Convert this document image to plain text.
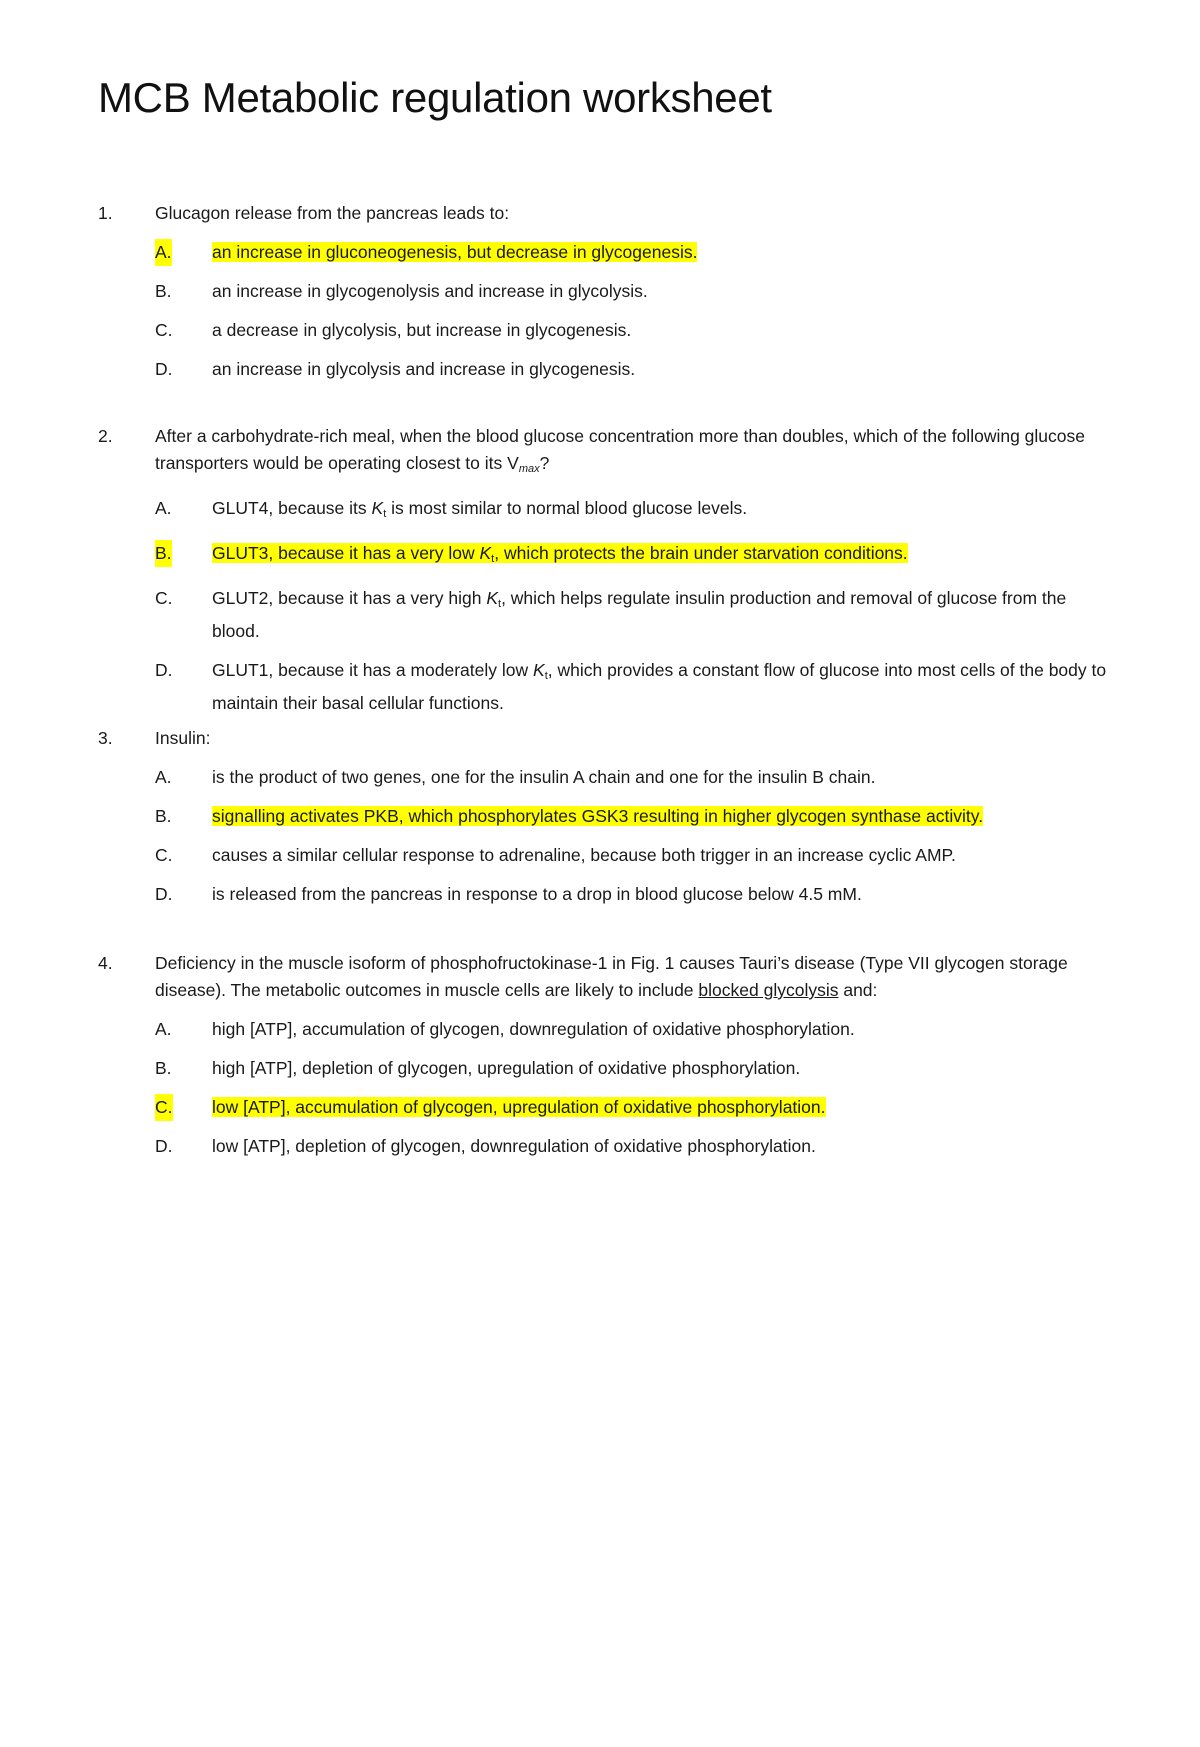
MCB Metabolic regulation worksheet
1. Glucagon release from the pancreas leads to:
A. an increase in gluconeogenesis, but decrease in glycogenesis.
B. an increase in glycogenolysis and increase in glycolysis.
C. a decrease in glycolysis, but increase in glycogenesis.
D. an increase in glycolysis and increase in glycogenesis.
2. After a carbohydrate-rich meal, when the blood glucose concentration more than doubles, which of the following glucose transporters would be operating closest to its $V_{max}$?
A. GLUT4, because its $K_t$ is most similar to normal blood glucose levels.
B. GLUT3, because it has a very low $K_t$, which protects the brain under starvation conditions.
C. GLUT2, because it has a very high $K_t$, which helps regulate insulin production and removal of glucose from the blood.
D. GLUT1, because it has a moderately low $K_t$, which provides a constant flow of glucose into most cells of the body to maintain their basal cellular functions.
3. Insulin:
A. is the product of two genes, one for the insulin A chain and one for the insulin B chain.
B. signalling activates PKB, which phosphorylates GSK3 resulting in higher glycogen synthase activity.
C. causes a similar cellular response to adrenaline, because both trigger in an increase cyclic AMP.
D. is released from the pancreas in response to a drop in blood glucose below 4.5 mM.
4. Deficiency in the muscle isoform of phosphofructokinase-1 in Fig. 1 causes Tauri’s disease (Type VII glycogen storage disease). The metabolic outcomes in muscle cells are likely to include blocked glycolysis and:
A. high [ATP], accumulation of glycogen, downregulation of oxidative phosphorylation.
B. high [ATP], depletion of glycogen, upregulation of oxidative phosphorylation.
C. low [ATP], accumulation of glycogen, upregulation of oxidative phosphorylation.
D. low [ATP], depletion of glycogen, downregulation of oxidative phosphorylation.
